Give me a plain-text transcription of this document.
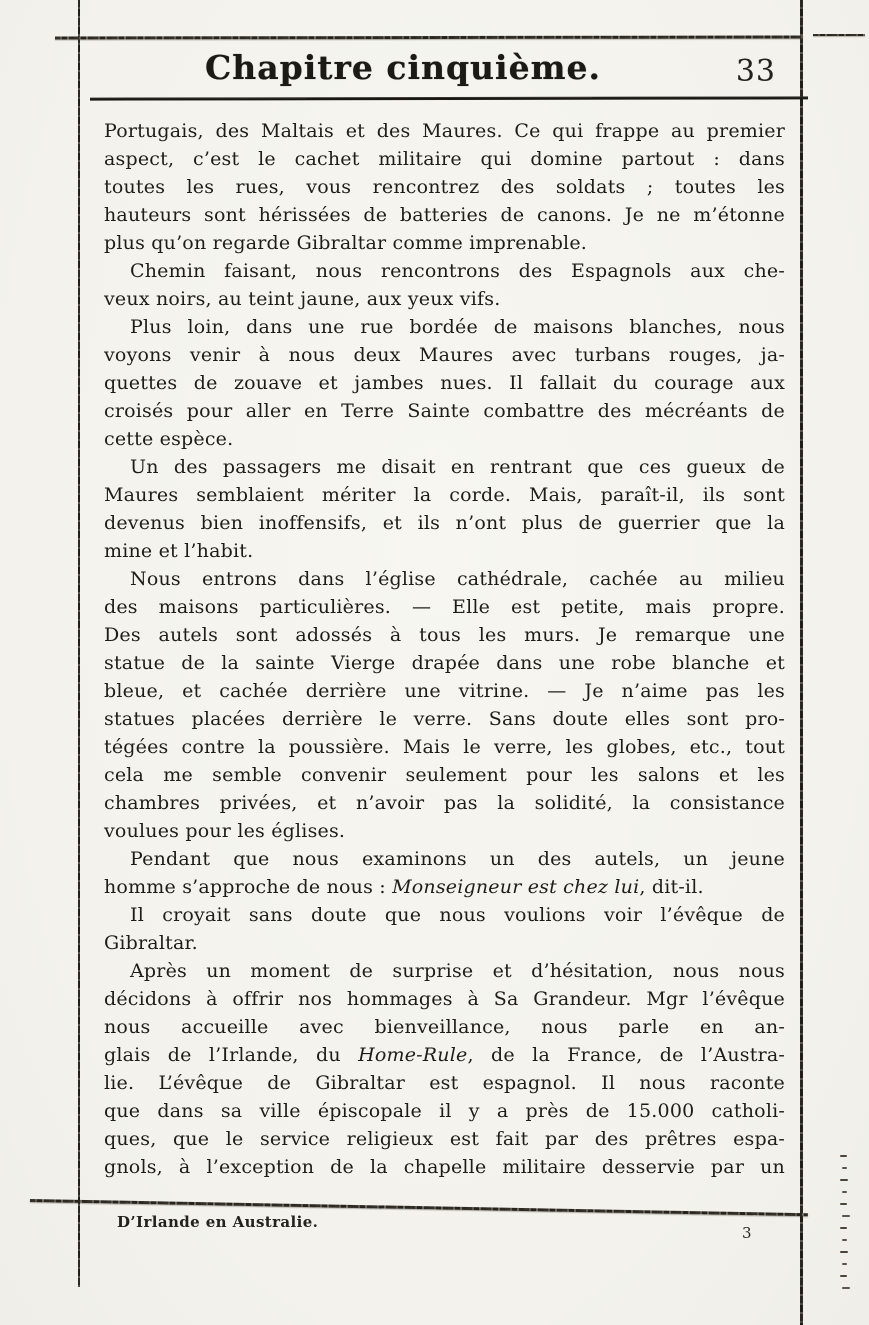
Chapitre cinquième.	33
Portugais, des Maltais et des Maures. Ce qui frappe au premier
aspect, c’est le cachet militaire qui domine partout : dans
toutes les rues, vous rencontrez des soldats ; toutes les
hauteurs sont hérissées de batteries de canons. Je ne m’étonne
plus qu’on regarde Gibraltar comme imprenable.
Chemin faisant, nous rencontrons des Espagnols aux che-
veux noirs, au teint jaune, aux yeux vifs.
Plus loin, dans une rue bordée de maisons blanches, nous
voyons venir à nous deux Maures avec turbans rouges, ja-
quettes de zouave et jambes nues. Il fallait du courage aux
croisés pour aller en Terre Sainte combattre des mécréants de
cette espèce.
Un des passagers me disait en rentrant que ces gueux de
Maures semblaient mériter la corde. Mais, paraît-il, ils sont
devenus bien inoffensifs, et ils n’ont plus de guerrier que la
mine et l’habit.
Nous entrons dans l’église cathédrale, cachée au milieu
des maisons particulières. — Elle est petite, mais propre.
Des autels sont adossés à tous les murs. Je remarque une
statue de la sainte Vierge drapée dans une robe blanche et
bleue, et cachée derrière une vitrine. — Je n’aime pas les
statues placées derrière le verre. Sans doute elles sont pro-
tégées contre la poussière. Mais le verre, les globes, etc., tout
cela me semble convenir seulement pour les salons et les
chambres privées, et n’avoir pas la solidité, la consistance
voulues pour les églises.
Pendant que nous examinons un des autels, un jeune
homme s’approche de nous : Monseigneur est chez lui, dit-il.
Il croyait sans doute que nous voulions voir l’évêque de
Gibraltar.
Après un moment de surprise et d’hésitation, nous nous
décidons à offrir nos hommages à Sa Grandeur. Mgr l’évêque
nous accueille avec bienveillance, nous parle en an-
glais de l’Irlande, du Home-Rule, de la France, de l’Austra-
lie. L’évêque de Gibraltar est espagnol. Il nous raconte
que dans sa ville épiscopale il y a près de 15.000 catholi-
ques, que le service religieux est fait par des prêtres espa-
gnols, à l’exception de la chapelle militaire desservie par un
D’Irlande en Australie.
3
